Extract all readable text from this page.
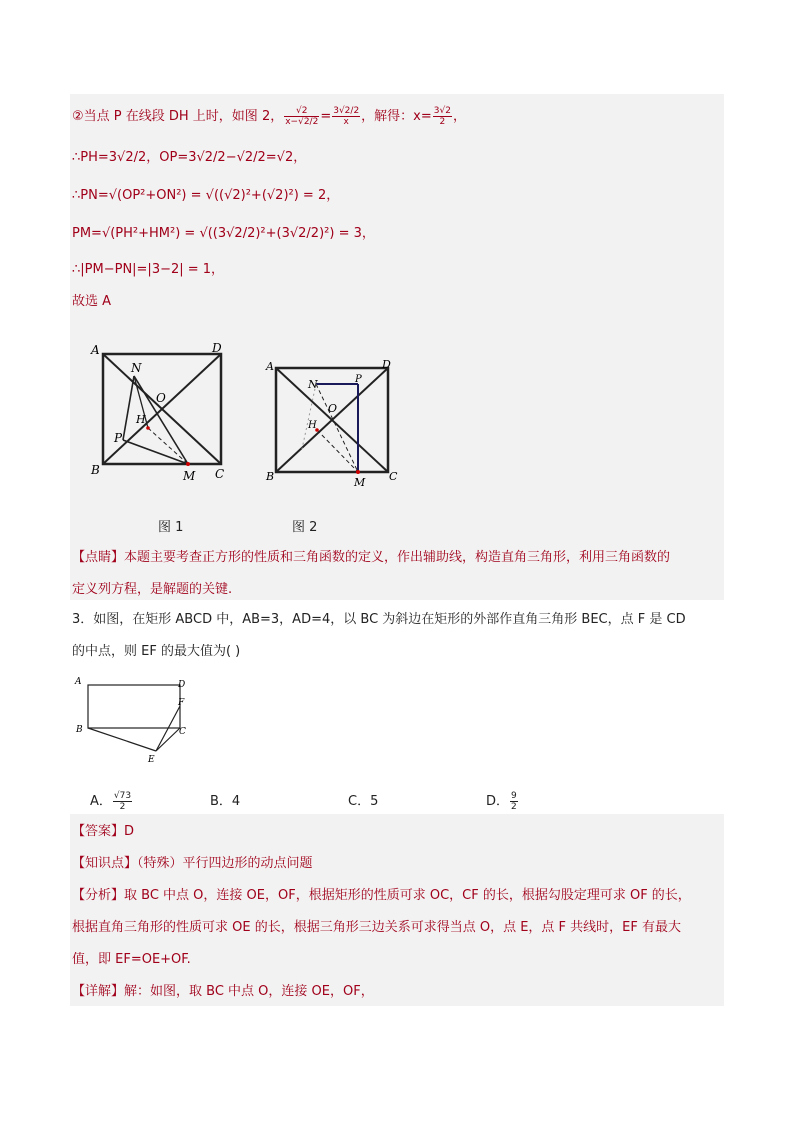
②当点 P 在线段 DH 上时，如图 2， $\frac{√2}{x-√2/2} = \frac{3√2/2}{x}$ ，解得：$x= \frac{3√2}{2}$ ，
∴PH=3√2/2，OP=3√2/2−√2/2=√2，
∴PN=√(OP²+ON²) = √((√2)²+(√2)²) = 2，
PM=√(PH²+HM²) = √((3√2/2)²+(3√2/2)²) = 3，
∴|PM−PN|=|3−2| = 1，
故选 A
A	D
B	C
N
O
H
P
M
A	D
B	C
N	P
O
H
M
图 1	图 2
【点睛】本题主要考查正方形的性质和三角函数的定义，作出辅助线，构造直角三角形，利用三角函数的
定义列方程，是解题的关键.
3．如图，在矩形 ABCD 中，AB=3，AD=4，以 BC 为斜边在矩形的外部作直角三角形 BEC，点 F 是 CD
的中点，则 EF 的最大值为( )
A	D
F
B	C
E
A． $\frac{√73}{2}$	B．4	C．5	D． $\frac{9}{2}$
【答案】D
【知识点】（特殊）平行四边形的动点问题
【分析】取 BC 中点 O，连接 OE，OF，根据矩形的性质可求 OC，CF 的长，根据勾股定理可求 OF 的长，
根据直角三角形的性质可求 OE 的长，根据三角形三边关系可求得当点 O，点 E，点 F 共线时，EF 有最大
值，即 EF=OE+OF.
【详解】解：如图，取 BC 中点 O，连接 OE，OF，
